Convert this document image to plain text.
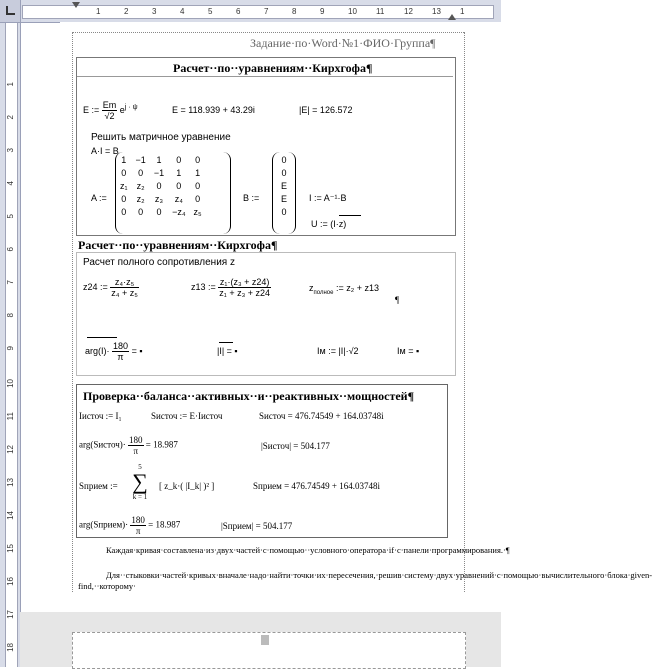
1	2	3	4	5	6	7	8	9	10 11 12 13 1
1
2
3
4
5
6
7
8
9
10
11
12
13
14
15
16
17
18
Задание·по·Word·№1·ФИО·Группа¶
Расчет··по··уравнениям··Кирхгофа¶
E := $\frac{Em}{√2} e^{j \cdot \psi}$	E = 118.939 + 43.29i	|E| = 126.572
Решить матричное уравнение
A·I = B
A :=
1	−1	1	0	0
0	0	−1	1	1
z₁	z₂	0	0	0
0	z₂	z₃	z₄	0
0	0	0	−z₄	z₅
B :=
0
0
E
E
0
I := A⁻¹·B
U := (I·z)
Расчет··по··уравнениям··Кирхгофа¶
Расчет полного сопротивления z
z24 := $\frac{\text{z₄·z₅}}{\text{z₄ + z₅}}$	z13 := $\frac{\text{z₁·(z₃ + z24)}}{\text{z₁ + z₃ + z24}}$	$z_{полное}$ := z₂ + z13
¶
$arg(I)\cdot \frac{180}{\pi}$ = ▪	|I| = ▪	Iм := |I|·√2	Iм = ▪
Проверка··баланса··активных··и··реактивных··мощностей¶
Iисточ := I₁	Sисточ := E·Iисточ	Sисточ = 476.74549 + 164.03748i
arg(Sисточ)· $\frac{180}{\pi} = 18.987$	|Sисточ| = 504.177
Sприем :=
5
∑
k = 1
[ z_k·( |I_k| )² ]	Sприем = 476.74549 + 164.03748i
arg(Sприем)· $\frac{180}{\pi} = 18.987$	|Sприем| = 504.177
Каждая·кривая·составлена·из·двух·частей·с·помощью··условного·оператора·if·с·панели·программирования.·¶
Для··стыковки·частей·кривых·вначале·надо·найти·точки·их·пересечения,·решив·систему·двух·уравнений·с·помощью·вычислительного·блока·given-find,··которому·
